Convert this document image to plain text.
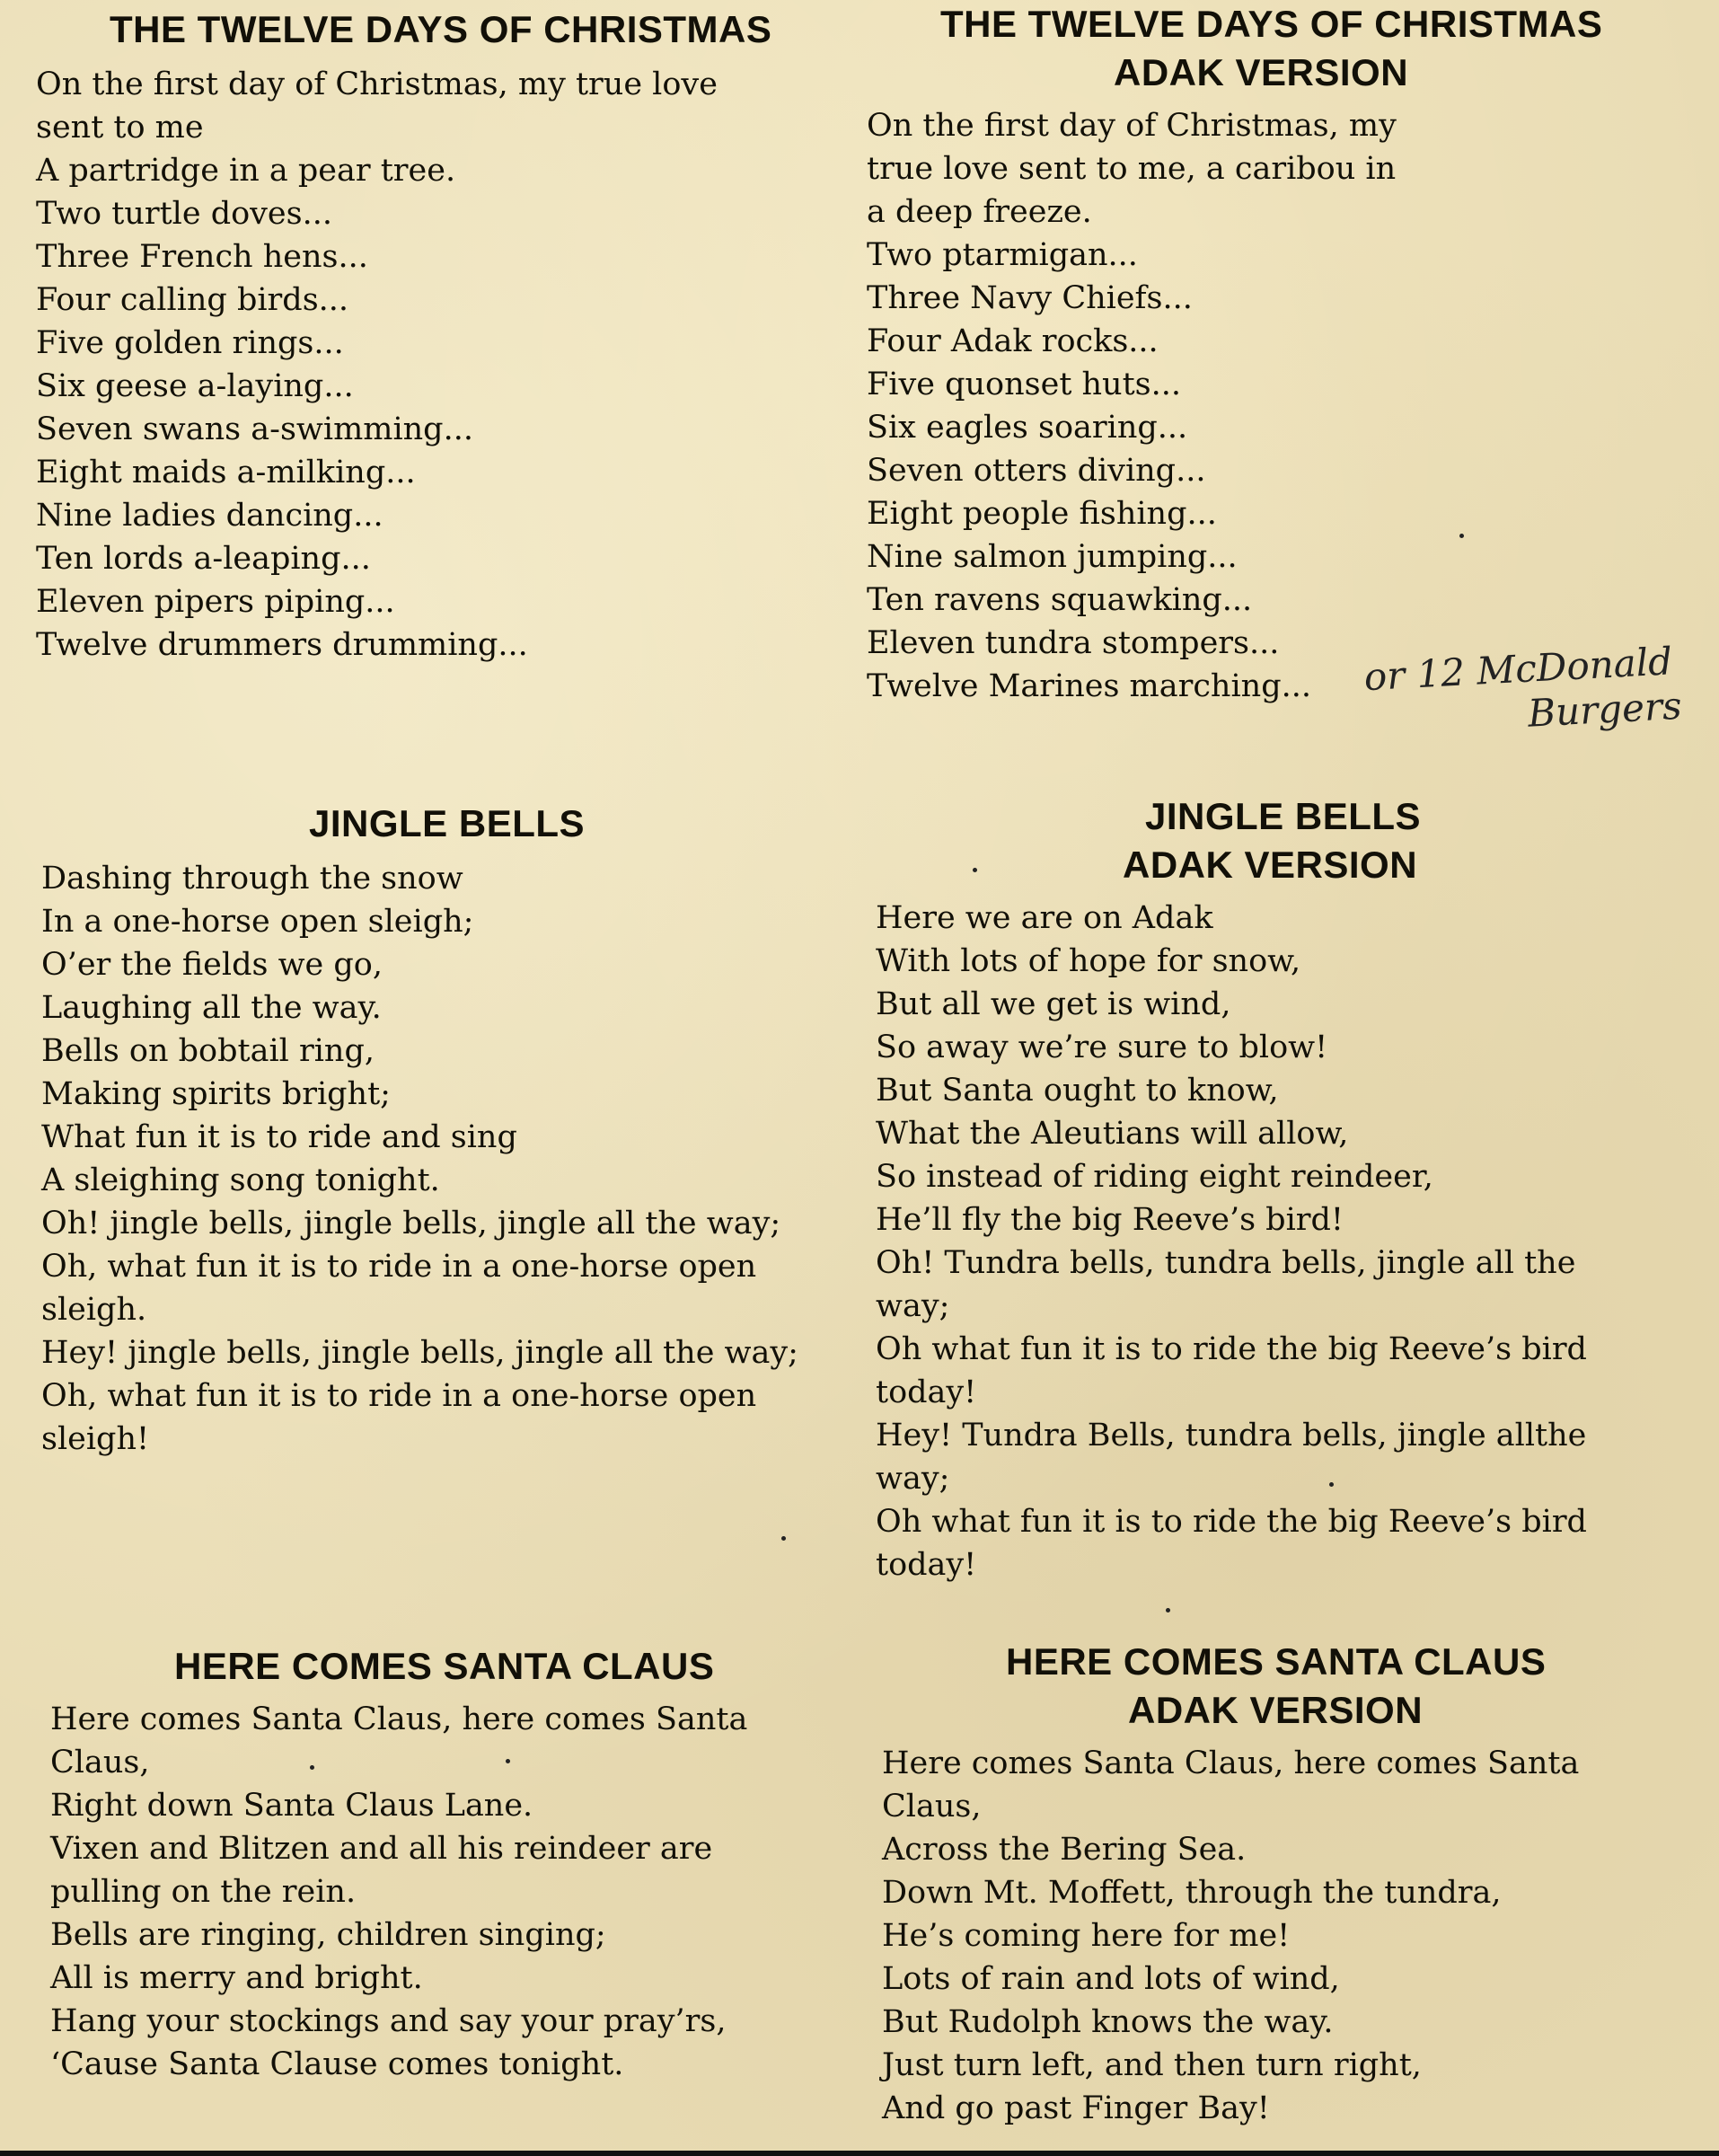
THE TWELVE DAYS OF CHRISTMAS
On the first day of Christmas, my true love
sent to me
A partridge in a pear tree.
Two turtle doves...
Three French hens...
Four calling birds...
Five golden rings...
Six geese a-laying...
Seven swans a-swimming...
Eight maids a-milking...
Nine ladies dancing...
Ten lords a-leaping...
Eleven pipers piping...
Twelve drummers drumming...
THE TWELVE DAYS OF CHRISTMAS
ADAK VERSION
On the first day of Christmas, my
true love sent to me, a caribou in
a deep freeze.
Two ptarmigan...
Three Navy Chiefs...
Four Adak rocks...
Five quonset huts...
Six eagles soaring...
Seven otters diving...
Eight people fishing...
Nine salmon jumping...
Ten ravens squawking...
Eleven tundra stompers...
Twelve Marines marching...	or 12 McDonald
Burgers
JINGLE BELLS
Dashing through the snow
In a one-horse open sleigh;
O’er the fields we go,
Laughing all the way.
Bells on bobtail ring,
Making spirits bright;
What fun it is to ride and sing
A sleighing song tonight.
Oh! jingle bells, jingle bells, jingle all the way;
Oh, what fun it is to ride in a one-horse open
sleigh.
Hey! jingle bells, jingle bells, jingle all the way;
Oh, what fun it is to ride in a one-horse open
sleigh!
JINGLE BELLS
ADAK VERSION
Here we are on Adak
With lots of hope for snow,
But all we get is wind,
So away we’re sure to blow!
But Santa ought to know,
What the Aleutians will allow,
So instead of riding eight reindeer,
He’ll fly the big Reeve’s bird!
Oh! Tundra bells, tundra bells, jingle all the
way;
Oh what fun it is to ride the big Reeve’s bird
today!
Hey! Tundra Bells, tundra bells, jingle allthe
way;
Oh what fun it is to ride the big Reeve’s bird
today!
HERE COMES SANTA CLAUS
Here comes Santa Claus, here comes Santa
Claus,
Right down Santa Claus Lane.
Vixen and Blitzen and all his reindeer are
pulling on the rein.
Bells are ringing, children singing;
All is merry and bright.
Hang your stockings and say your pray’rs,
‘Cause Santa Clause comes tonight.
HERE COMES SANTA CLAUS
ADAK VERSION
Here comes Santa Claus, here comes Santa
Claus,
Across the Bering Sea.
Down Mt. Moffett, through the tundra,
He’s coming here for me!
Lots of rain and lots of wind,
But Rudolph knows the way.
Just turn left, and then turn right,
And go past Finger Bay!
